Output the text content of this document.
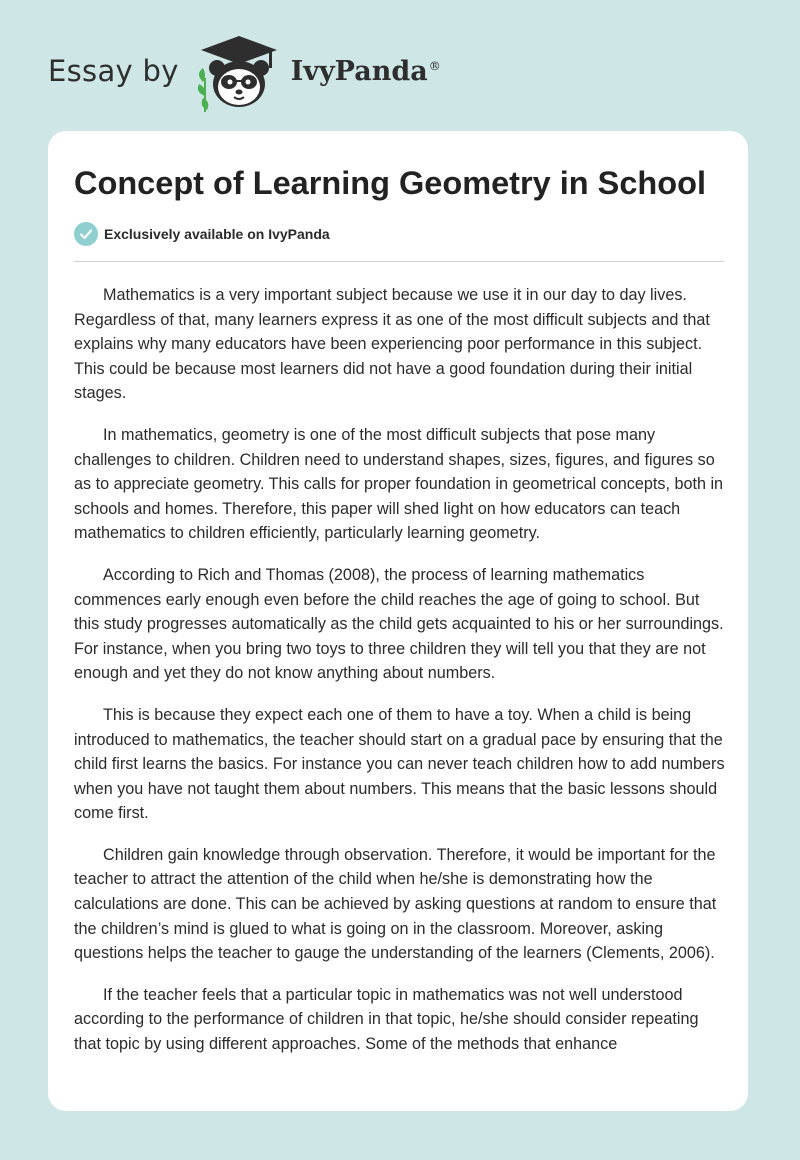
Essay by	IvyPanda®
Concept of Learning Geometry in School
Exclusively available on IvyPanda

Mathematics is a very important subject because we use it in our day to day lives. Regardless of that, many learners express it as one of the most difficult subjects and that explains why many educators have been experiencing poor performance in this subject. This could be because most learners did not have a good foundation during their initial stages.

In mathematics, geometry is one of the most difficult subjects that pose many challenges to children. Children need to understand shapes, sizes, figures, and figures so as to appreciate geometry. This calls for proper foundation in geometrical concepts, both in schools and homes. Therefore, this paper will shed light on how educators can teach mathematics to children efficiently, particularly learning geometry.

According to Rich and Thomas (2008), the process of learning mathematics commences early enough even before the child reaches the age of going to school. But this study progresses automatically as the child gets acquainted to his or her surroundings. For instance, when you bring two toys to three children they will tell you that they are not enough and yet they do not know anything about numbers.

This is because they expect each one of them to have a toy. When a child is being introduced to mathematics, the teacher should start on a gradual pace by ensuring that the child first learns the basics. For instance you can never teach children how to add numbers when you have not taught them about numbers. This means that the basic lessons should come first.

Children gain knowledge through observation. Therefore, it would be important for the teacher to attract the attention of the child when he/she is demonstrating how the calculations are done. This can be achieved by asking questions at random to ensure that the children’s mind is glued to what is going on in the classroom. Moreover, asking questions helps the teacher to gauge the understanding of the learners (Clements, 2006).

If the teacher feels that a particular topic in mathematics was not well understood according to the performance of children in that topic, he/she should consider repeating that topic by using different approaches. Some of the methods that enhance
